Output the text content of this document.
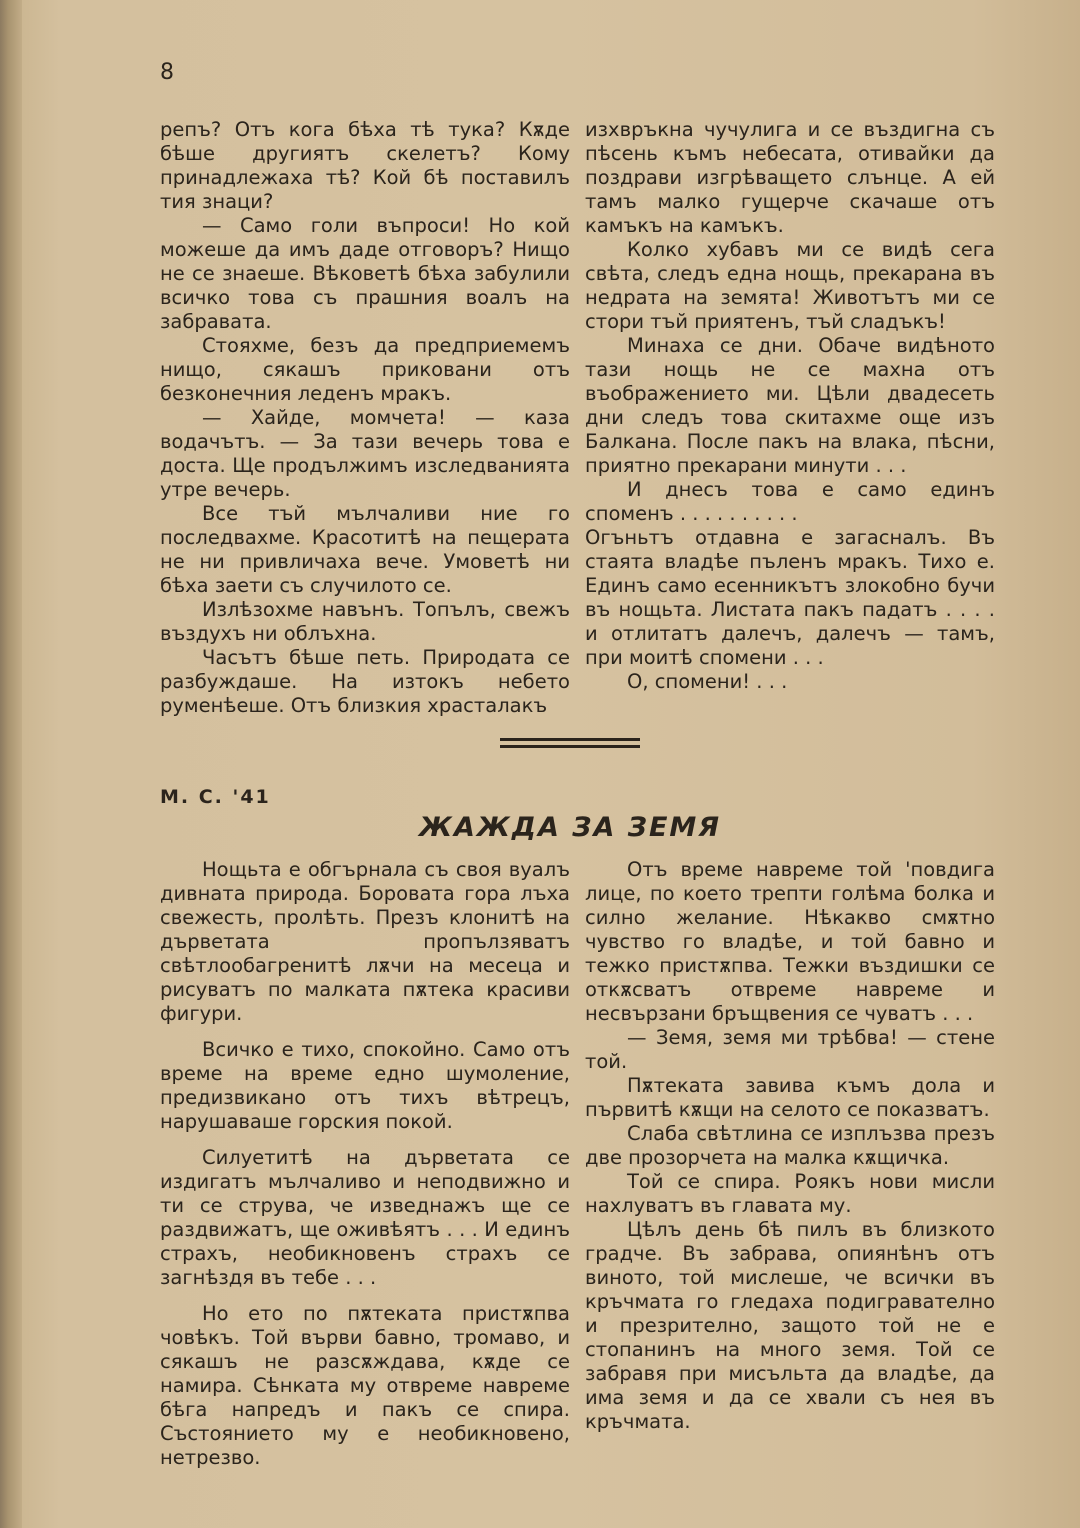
8

репъ? Отъ кога бѣха тѣ тука? Кѫде бѣше другиятъ скелетъ? Кому принадлежаха тѣ? Кой бѣ поставилъ тия знаци?

— Само голи въпроси! Но кой можеше да имъ даде отговоръ? Нищо не се знаеше. Вѣковетѣ бѣха забулили всичко това съ прашния воалъ на забравата.

Стояхме, безъ да предприемемъ нищо, сякашъ приковани отъ безконечния леденъ мракъ.

— Хайде, момчета! — каза водачътъ. — За тази вечерь това е доста. Ще продължимъ изследванията утре вечерь.

Все тъй мълчаливи ние го последвахме. Красотитѣ на пещерата не ни привличаха вече. Умоветѣ ни бѣха заети съ случилото се.

Излѣзохме навънъ. Топълъ, свежъ въздухъ ни облъхна.

Часътъ бѣше петь. Природата се разбуждаше. На изтокъ небето руменѣеше. Отъ близкия храсталакъ

изхвръкна чучулига и се въздигна съ пѣсень къмъ небесата, отивайки да поздрави изгрѣващето слънце. А ей тамъ малко гущерче скачаше отъ камъкъ на камъкъ.

Колко хубавъ ми се видѣ сега свѣта, следъ една нощь, прекарана въ недрата на земята! Животътъ ми се стори тъй приятенъ, тъй сладъкъ!

Минаха се дни. Обаче видѣното тази нощь не се махна отъ въображението ми. Цѣли двадесеть дни следъ това скитахме още изъ Балкана. После пакъ на влака, пѣсни, приятно прекарани минути . . .

И днесъ това е само единъ споменъ . . . . . . . . . .

Огъньтъ отдавна е загасналъ. Въ стаята владѣе пъленъ мракъ. Тихо е. Единъ само есенникътъ злокобно бучи въ нощьта. Листата пакъ падатъ . . . . и отлитатъ далечъ, далечъ — тамъ, при моитѣ спомени . . .

О, спомени! . . .

М. С. '41
ЖАЖДА ЗА ЗЕМЯ

Нощьта е обгърнала съ своя вуалъ дивната природа. Боровата гора лъха свежесть, пролѣть. Презъ клонитѣ на дърветата пропълзяватъ свѣтлообагренитѣ лѫчи на месеца и рисуватъ по малката пѫтека красиви фигури.

Всичко е тихо, спокойно. Само отъ време на време едно шумоление, предизвикано отъ тихъ вѣтрецъ, нарушаваше горския покой.

Силуетитѣ на дърветата се издигатъ мълчаливо и неподвижно и ти се струва, че изведнажъ ще се раздвижатъ, ще оживѣятъ . . . И единъ страхъ, необикновенъ страхъ се загнѣздя въ тебе . . .

Но ето по пѫтеката пристѫпва човѣкъ. Той върви бавно, тромаво, и сякашъ не разсѫждава, кѫде се намира. Сѣнката му отвреме навреме бѣга напредъ и пакъ се спира. Състоянието му е необикновено, нетрезво.

Отъ време навреме той 'повдига лице, по което трепти голѣма болка и силно желание. Нѣкакво смѫтно чувство го владѣе, и той бавно и тежко пристѫпва. Тежки въздишки се откѫсватъ отвреме навреме и несвързани бръщвения се чуватъ . . .

— Земя, земя ми трѣбва! — стене той.

Пѫтеката завива къмъ дола и първитѣ кѫщи на селото се показватъ.

Слаба свѣтлина се изплъзва презъ две прозорчета на малка кѫщичка.

Той се спира. Роякъ нови мисли нахлуватъ въ главата му.

Цѣлъ день бѣ пилъ въ близкото градче. Въ забрава, опиянѣнъ отъ виното, той мислеше, че всички въ кръчмата го гледаха подигравателно и презрително, защото той не е стопанинъ на много земя. Той се забравя при мисъльта да владѣе, да има земя и да се хвали съ нея въ кръчмата.
